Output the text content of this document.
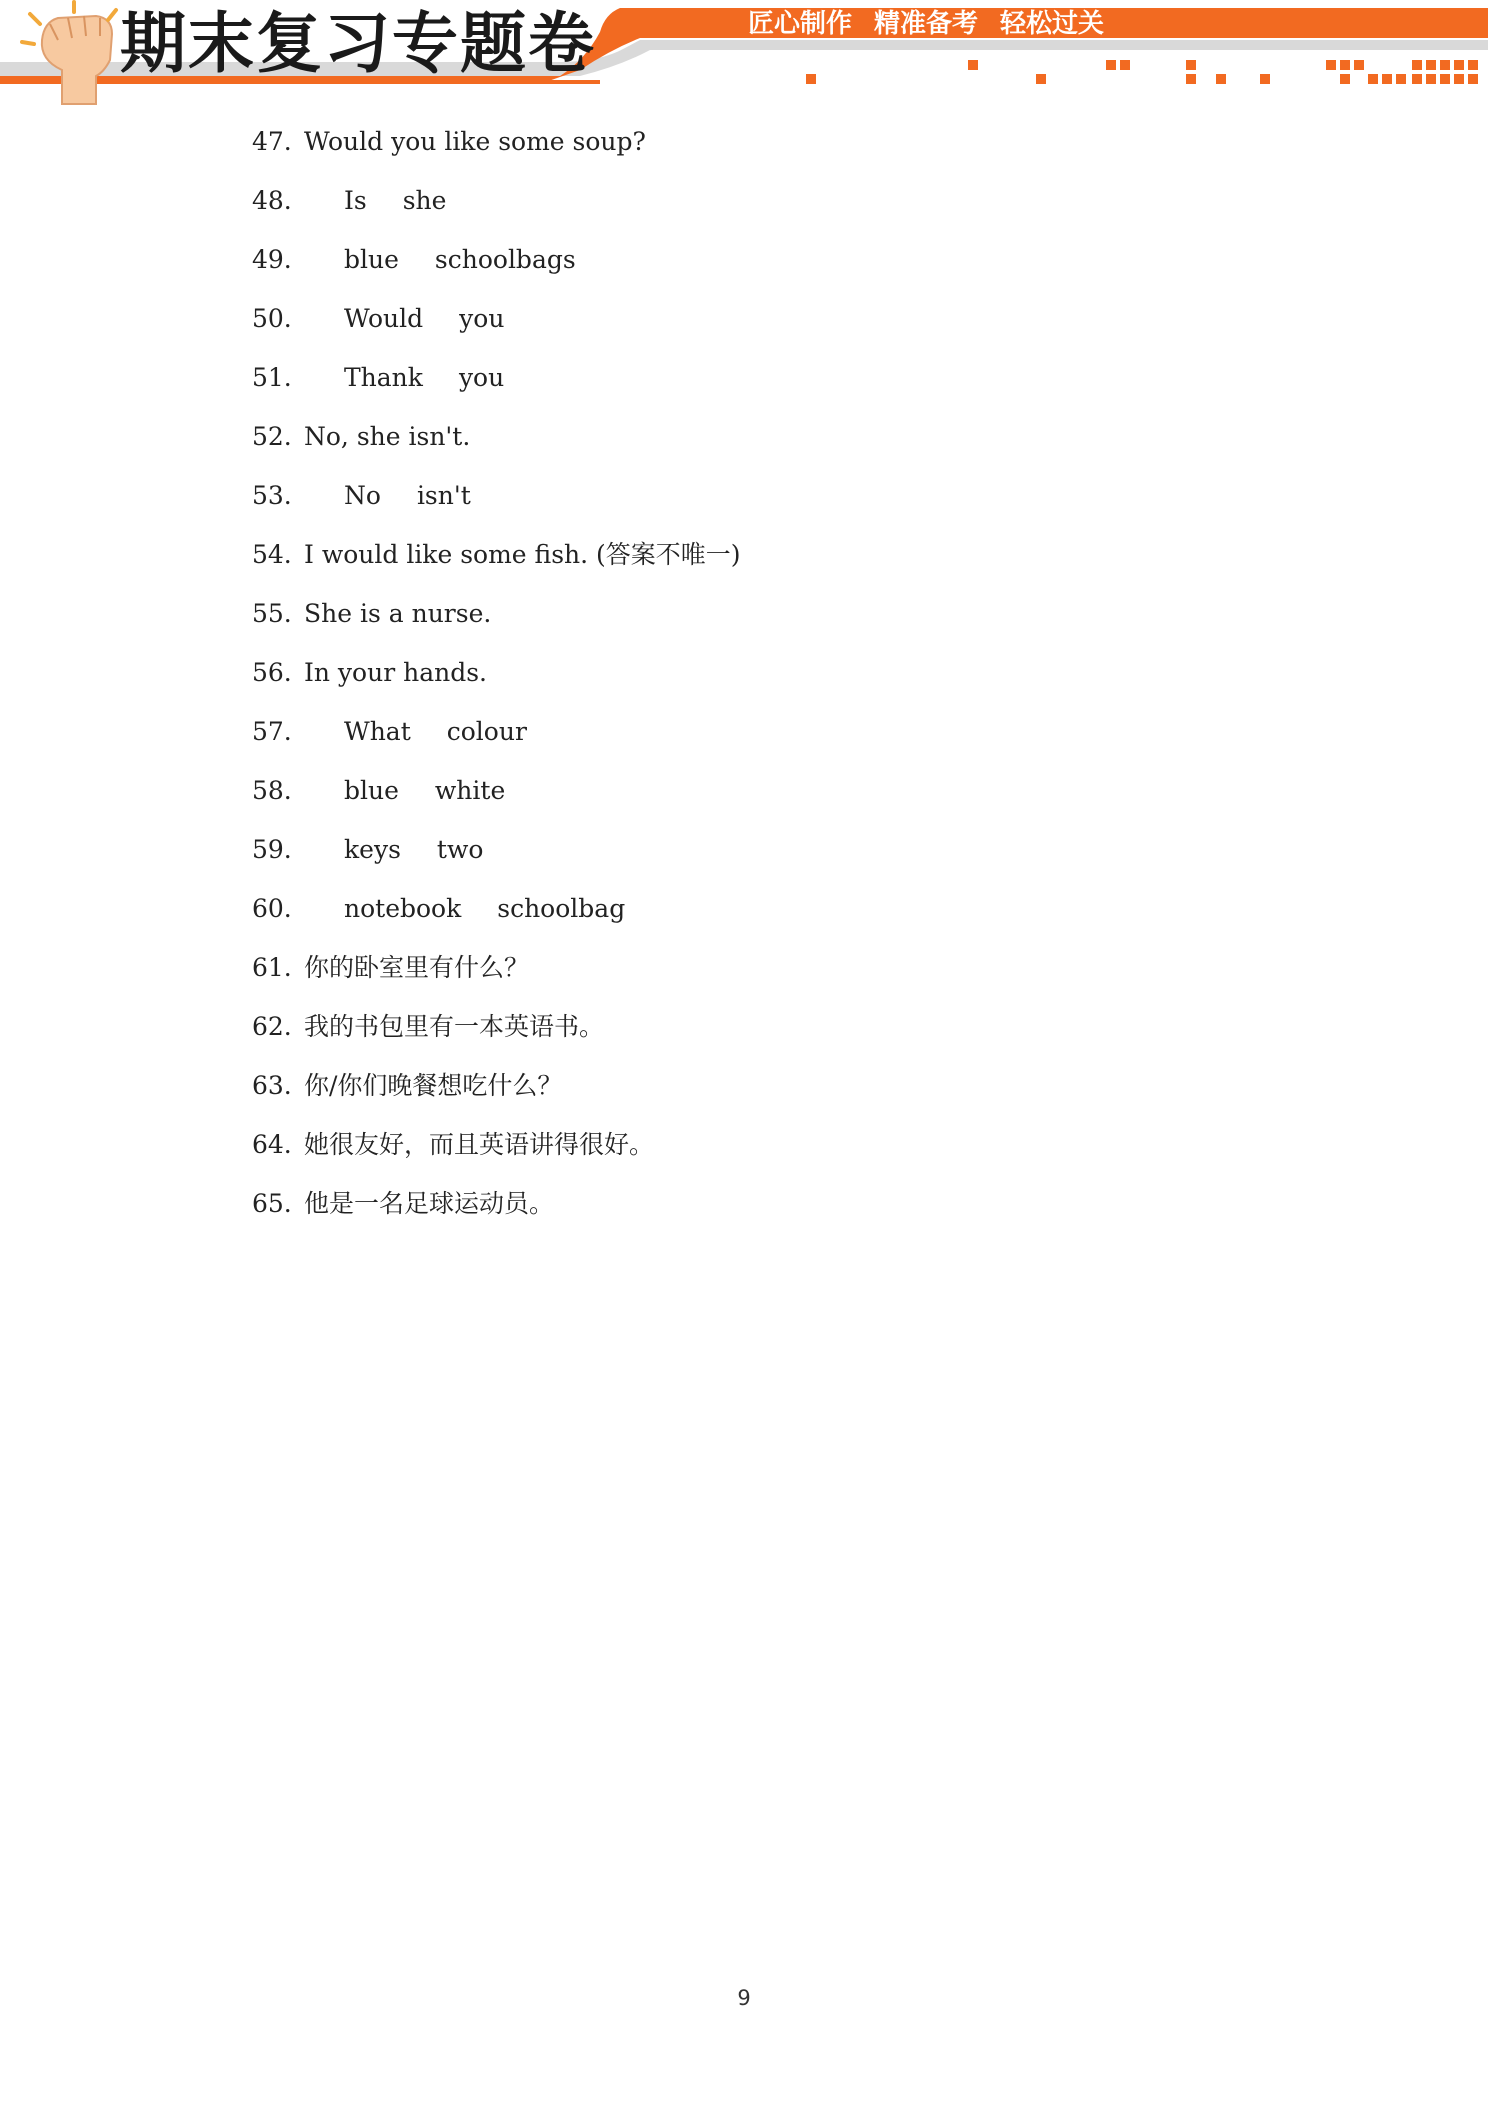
期末复习专题卷	匠心制作 精准备考 轻松过关
47. Would you like some soup?
48. Is she
49. blue schoolbags
50. Would you
51. Thank you
52. No, she isn't.
53. No isn't
54. I would like some fish. (答案不唯一)
55. She is a nurse.
56. In your hands.
57. What colour
58. blue white
59. keys two
60. notebook schoolbag
61. 你的卧室里有什么？
62. 我的书包里有一本英语书。
63. 你/你们晚餐想吃什么？
64. 她很友好，而且英语讲得很好。
65. 他是一名足球运动员。
9
